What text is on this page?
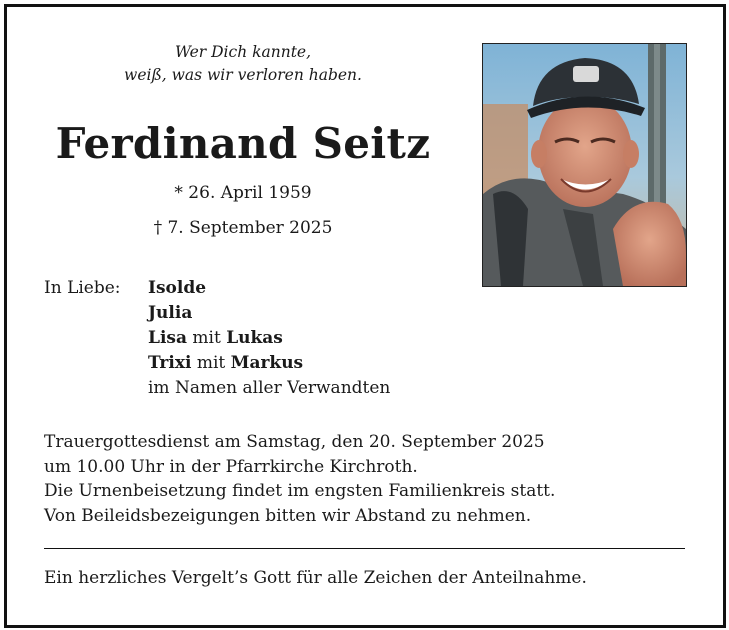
Wer Dich kannte,
weiß, was wir verloren haben.
Ferdinand Seitz
* 26. April 1959
† 7. September 2025
In Liebe: Isolde
Julia
Lisa mit Lukas
Trixi mit Markus
im Namen aller Verwandten
Trauergottesdienst am Samstag, den 20. September 2025
um 10.00 Uhr in der Pfarrkirche Kirchroth.
Die Urnenbeisetzung findet im engsten Familienkreis statt.
Von Beileidsbezeigungen bitten wir Abstand zu nehmen.
Ein herzliches Vergelt’s Gott für alle Zeichen der Anteilnahme.
